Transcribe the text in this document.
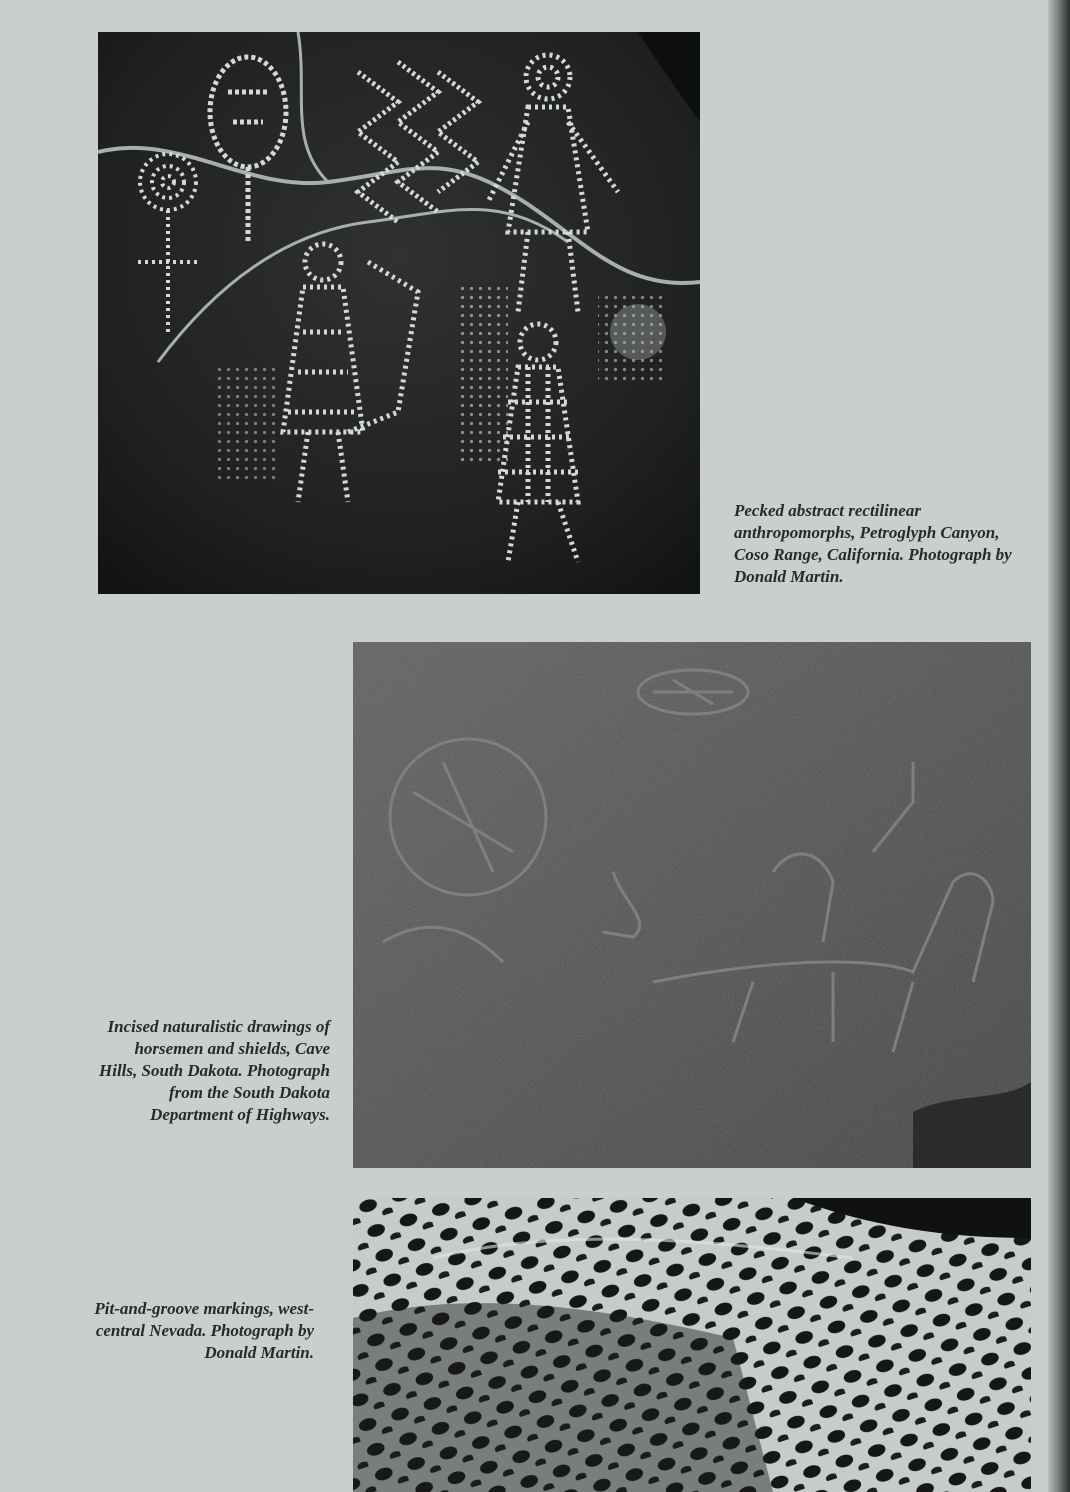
Pecked abstract rectilinear anthropomorphs, Petroglyph Canyon, Coso Range, California. Photograph by Donald Martin.

Incised naturalistic drawings of horsemen and shields, Cave Hills, South Dakota. Photograph from the South Dakota Department of Highways.

Pit-and-groove markings, west-central Nevada. Photograph by Donald Martin.
